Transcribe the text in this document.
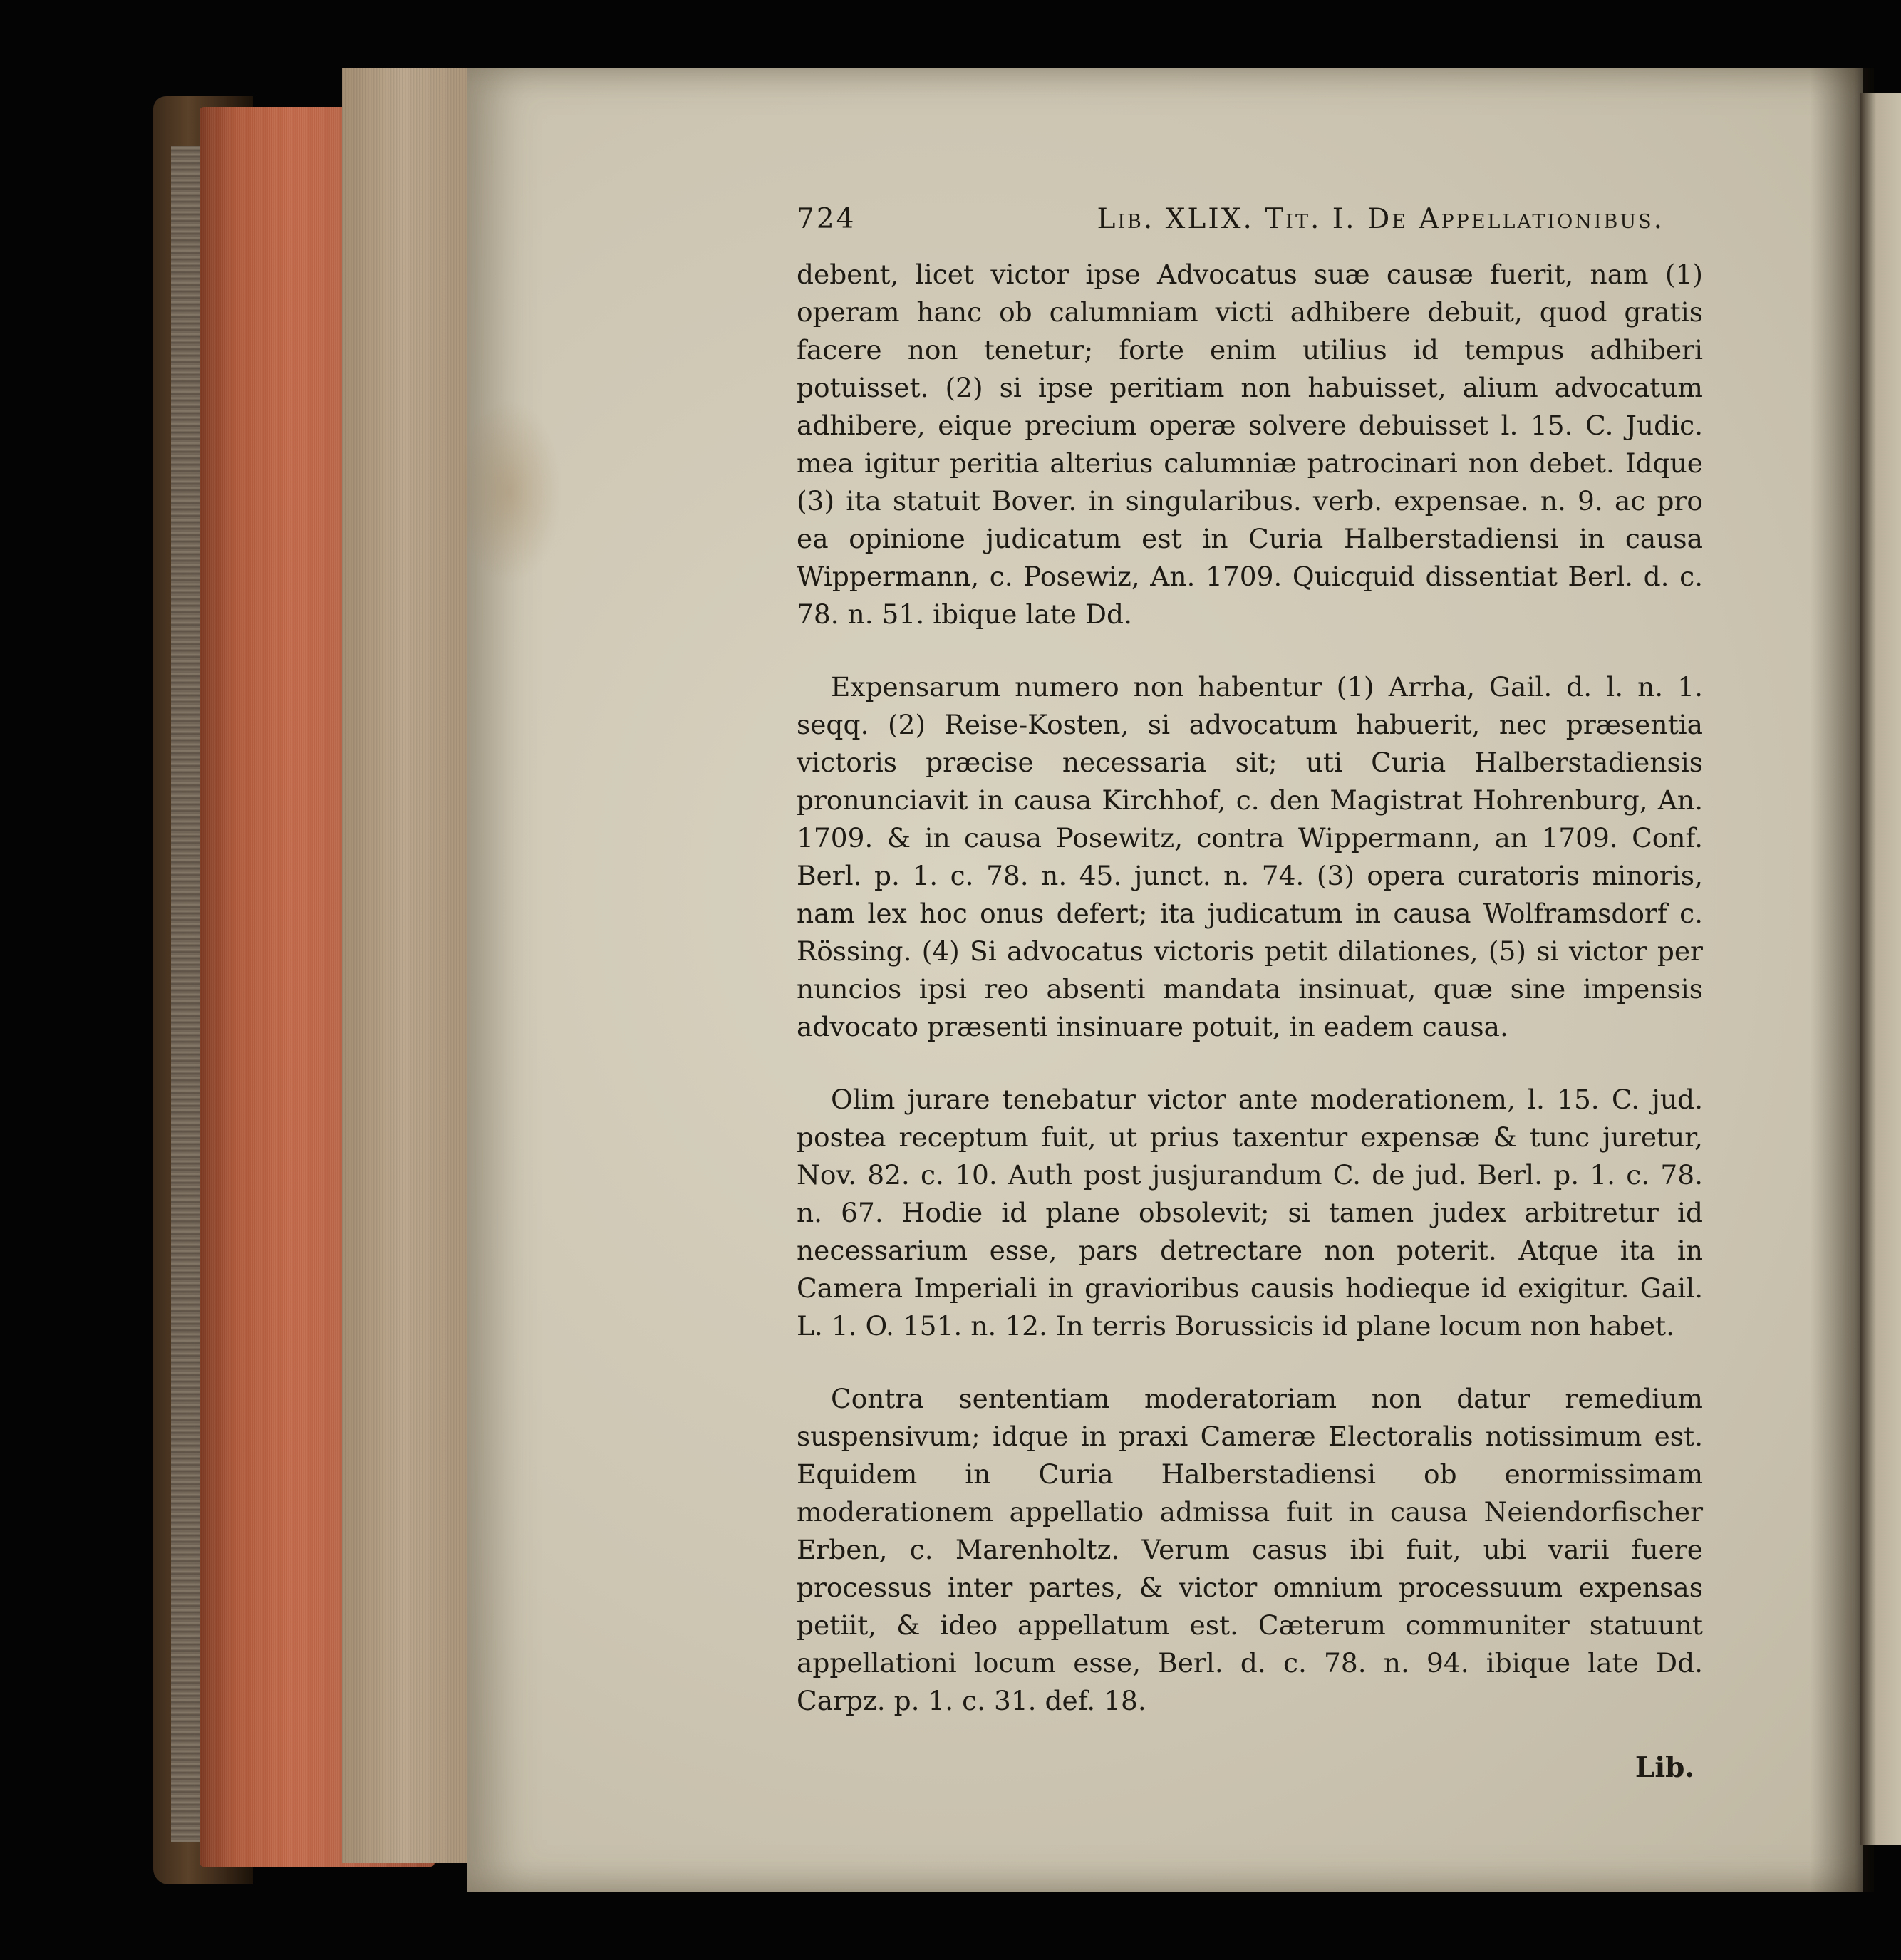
724	Lib. XLIX. Tit. I. De Appellationibus.

debent, licet victor ipse Advocatus suæ causæ fuerit, nam (1) operam hanc ob calumniam victi adhibere debuit, quod gratis facere non tenetur; forte enim utilius id tempus adhiberi potuisset. (2) si ipse peritiam non habuisset, alium advocatum adhibere, eique precium operæ solvere debuisset l. 15. C. Judic. mea igitur peritia alterius calumniæ patrocinari non debet. Idque (3) ita statuit Bover. in singularibus. verb. expensae. n. 9. ac pro ea opinione judicatum est in Curia Halberstadiensi in causa Wippermann, c. Posewiz, An. 1709. Quicquid dissentiat Berl. d. c. 78. n. 51. ibique late Dd.

Expensarum numero non habentur (1) Arrha, Gail. d. l. n. 1. seqq. (2) Reise-Kosten, si advocatum habuerit, nec præsentia victoris præcise necessaria sit; uti Curia Halberstadiensis pronunciavit in causa Kirchhof, c. den Magistrat Hohrenburg, An. 1709. & in causa Posewitz, contra Wippermann, an 1709. Conf. Berl. p. 1. c. 78. n. 45. junct. n. 74. (3) opera curatoris minoris, nam lex hoc onus defert; ita judicatum in causa Wolframsdorf c. Rössing. (4) Si advocatus victoris petit dilationes, (5) si victor per nuncios ipsi reo absenti mandata insinuat, quæ sine impensis advocato præsenti insinuare potuit, in eadem causa.

Olim jurare tenebatur victor ante moderationem, l. 15. C. jud. postea receptum fuit, ut prius taxentur expensæ & tunc juretur, Nov. 82. c. 10. Auth post jusjurandum C. de jud. Berl. p. 1. c. 78. n. 67. Hodie id plane obsolevit; si tamen judex arbitretur id necessarium esse, pars detrectare non poterit. Atque ita in Camera Imperiali in gravioribus causis hodieque id exigitur. Gail. L. 1. O. 151. n. 12. In terris Borussicis id plane locum non habet.

Contra sententiam moderatoriam non datur remedium suspensivum; idque in praxi Cameræ Electoralis notissimum est. Equidem in Curia Halberstadiensi ob enormissimam moderationem appellatio admissa fuit in causa Neiendorfischer Erben, c. Marenholtz. Verum casus ibi fuit, ubi varii fuere processus inter partes, & victor omnium processuum expensas petiit, & ideo appellatum est. Cæterum communiter statuunt appellationi locum esse, Berl. d. c. 78. n. 94. ibique late Dd. Carpz. p. 1. c. 31. def. 18.

Lib.
